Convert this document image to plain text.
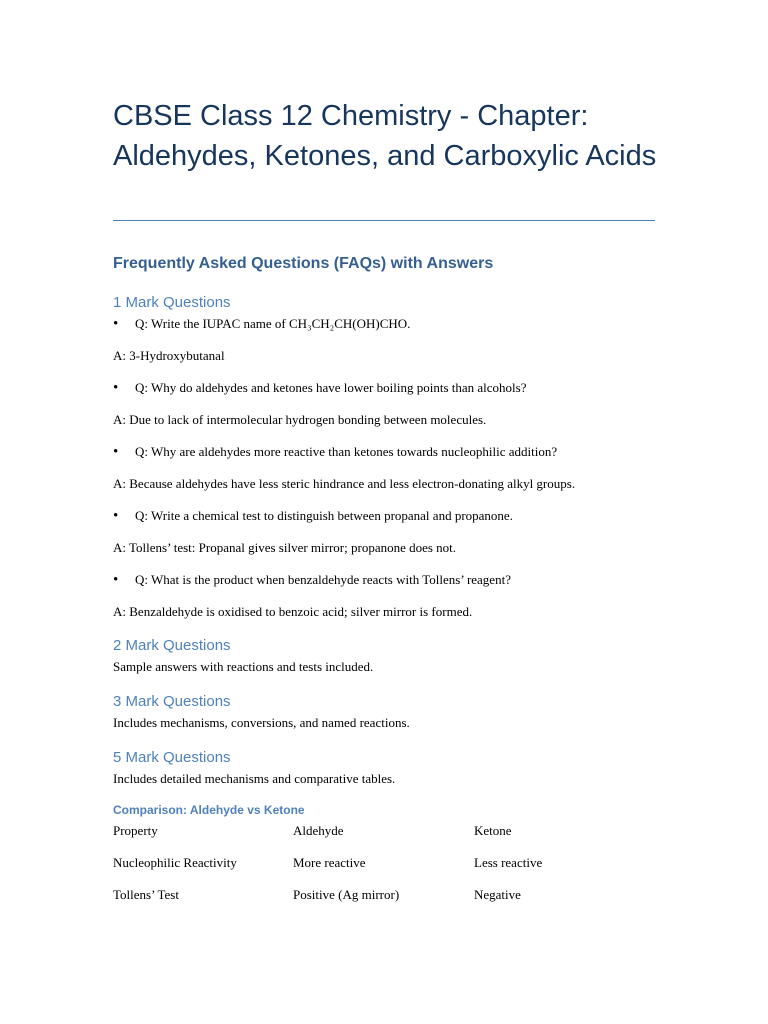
CBSE Class 12 Chemistry - Chapter: Aldehydes, Ketones, and Carboxylic Acids
Frequently Asked Questions (FAQs) with Answers
1 Mark Questions
•	Q: Write the IUPAC name of CH₃CH₂CH(OH)CHO.
A: 3-Hydroxybutanal
•	Q: Why do aldehydes and ketones have lower boiling points than alcohols?
A: Due to lack of intermolecular hydrogen bonding between molecules.
•	Q: Why are aldehydes more reactive than ketones towards nucleophilic addition?
A: Because aldehydes have less steric hindrance and less electron-donating alkyl groups.
•	Q: Write a chemical test to distinguish between propanal and propanone.
A: Tollens’ test: Propanal gives silver mirror; propanone does not.
•	Q: What is the product when benzaldehyde reacts with Tollens’ reagent?
A: Benzaldehyde is oxidised to benzoic acid; silver mirror is formed.
2 Mark Questions
Sample answers with reactions and tests included.
3 Mark Questions
Includes mechanisms, conversions, and named reactions.
5 Mark Questions
Includes detailed mechanisms and comparative tables.
Comparison: Aldehyde vs Ketone
Property	Aldehyde	Ketone
Nucleophilic Reactivity	More reactive	Less reactive
Tollens’ Test	Positive (Ag mirror)	Negative
